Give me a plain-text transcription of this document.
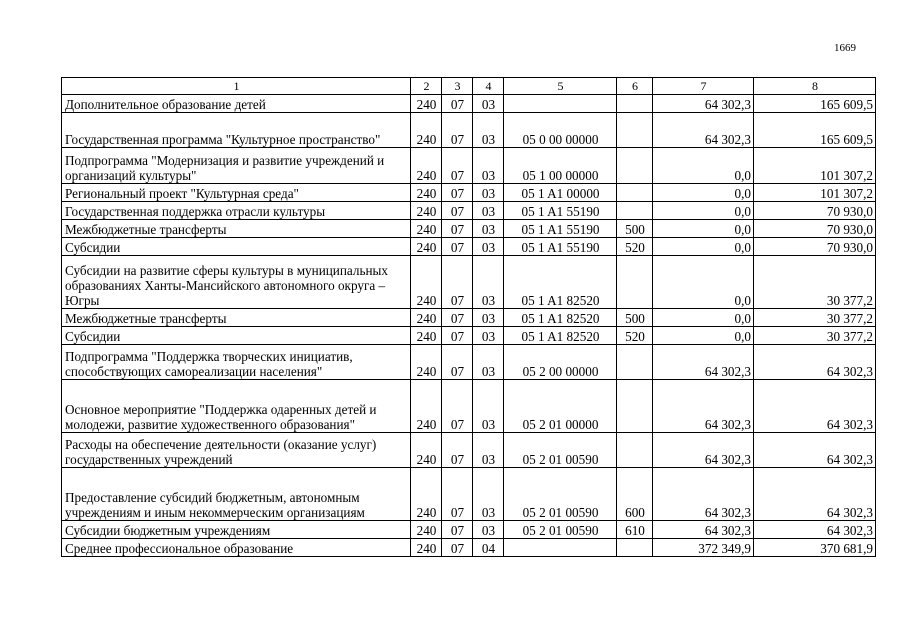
1669
1	2	3	4	5	6	7	8
Дополнительное образование детей	240	07	03			64 302,3	165 609,5
Государственная программа "Культурное пространство"	240	07	03	05 0 00 00000		64 302,3	165 609,5
Подпрограмма "Модернизация и развитие учреждений и организаций культуры"	240	07	03	05 1 00 00000		0,0	101 307,2
Региональный проект "Культурная среда"	240	07	03	05 1 A1 00000		0,0	101 307,2
Государственная поддержка отрасли культуры	240	07	03	05 1 A1 55190		0,0	70 930,0
Межбюджетные трансферты	240	07	03	05 1 A1 55190	500	0,0	70 930,0
Субсидии	240	07	03	05 1 A1 55190	520	0,0	70 930,0
Субсидии на развитие сферы культуры в муниципальных образованиях Ханты-Мансийского автономного округа – Югры	240	07	03	05 1 A1 82520		0,0	30 377,2
Межбюджетные трансферты	240	07	03	05 1 A1 82520	500	0,0	30 377,2
Субсидии	240	07	03	05 1 A1 82520	520	0,0	30 377,2
Подпрограмма "Поддержка творческих инициатив, способствующих самореализации населения"	240	07	03	05 2 00 00000		64 302,3	64 302,3
Основное мероприятие "Поддержка одаренных детей и молодежи, развитие художественного образования"	240	07	03	05 2 01 00000		64 302,3	64 302,3
Расходы на обеспечение деятельности (оказание услуг) государственных учреждений	240	07	03	05 2 01 00590		64 302,3	64 302,3
Предоставление субсидий бюджетным, автономным учреждениям и иным некоммерческим организациям	240	07	03	05 2 01 00590	600	64 302,3	64 302,3
Субсидии бюджетным учреждениям	240	07	03	05 2 01 00590	610	64 302,3	64 302,3
Среднее профессиональное образование	240	07	04			372 349,9	370 681,9
